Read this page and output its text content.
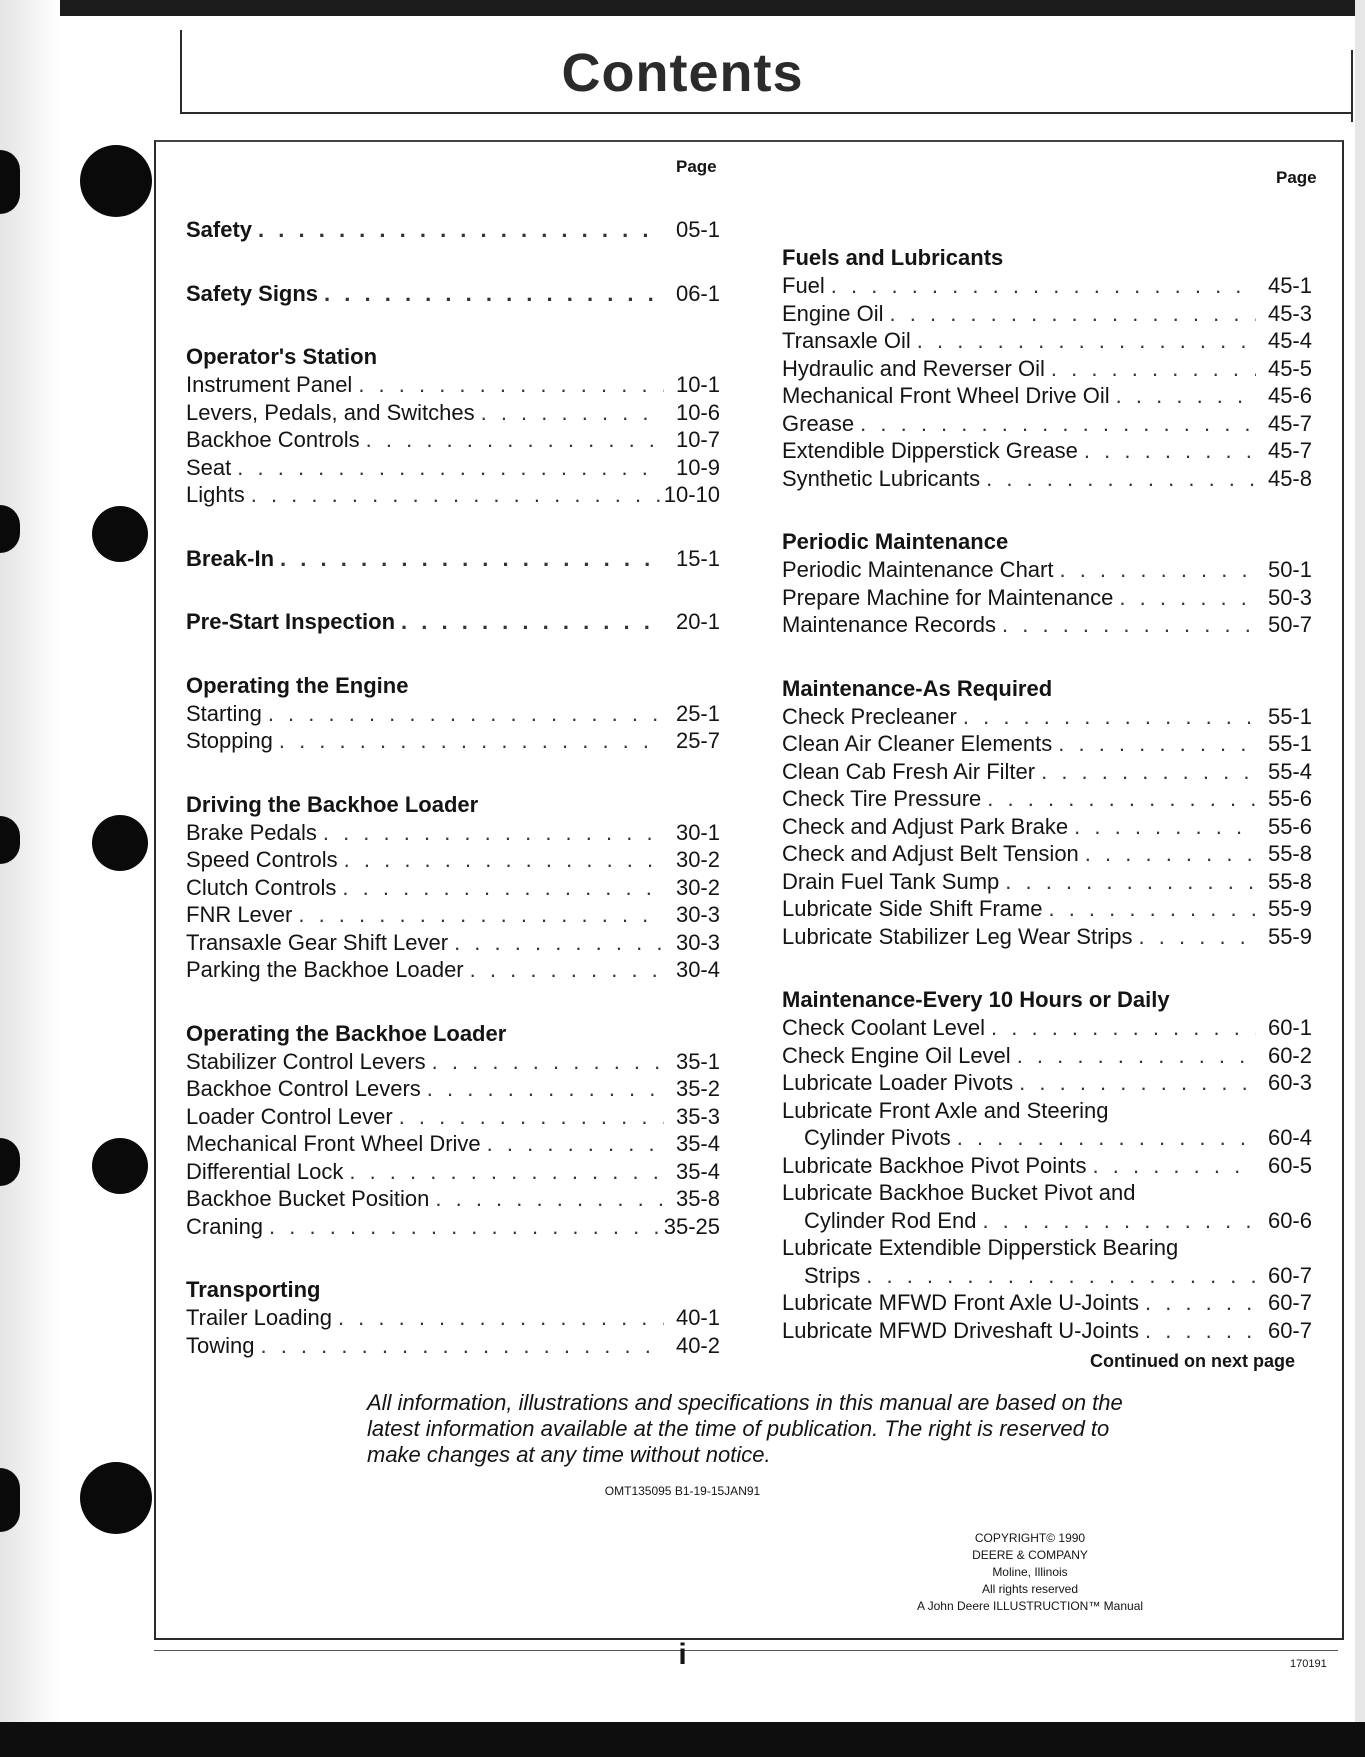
Contents
Page
Page
Safety . . .	05-1
Safety Signs . . .	06-1
Operator's Station
Instrument Panel . . .	10-1
Levers, Pedals, and Switches . . .	10-6
Backhoe Controls . . .	10-7
Seat . . .	10-9
Lights . . .	10-10
Break-In . . .	15-1
Pre-Start Inspection . . .	20-1
Operating the Engine
Starting . . .	25-1
Stopping . . .	25-7
Driving the Backhoe Loader
Brake Pedals . . .	30-1
Speed Controls . . .	30-2
Clutch Controls . . .	30-2
FNR Lever . . .	30-3
Transaxle Gear Shift Lever . . .	30-3
Parking the Backhoe Loader . . .	30-4
Operating the Backhoe Loader
Stabilizer Control Levers . . .	35-1
Backhoe Control Levers . . .	35-2
Loader Control Lever . . .	35-3
Mechanical Front Wheel Drive . . .	35-4
Differential Lock . . .	35-4
Backhoe Bucket Position . . .	35-8
Craning . . .	35-25
Transporting
Trailer Loading . . .	40-1
Towing . . .	40-2
Fuels and Lubricants
Fuel . . .	45-1
Engine Oil . . .	45-3
Transaxle Oil . . .	45-4
Hydraulic and Reverser Oil . . .	45-5
Mechanical Front Wheel Drive Oil . . .	45-6
Grease . . .	45-7
Extendible Dipperstick Grease . . .	45-7
Synthetic Lubricants . . .	45-8
Periodic Maintenance
Periodic Maintenance Chart . . .	50-1
Prepare Machine for Maintenance . . .	50-3
Maintenance Records . . .	50-7
Maintenance-As Required
Check Precleaner . . .	55-1
Clean Air Cleaner Elements . . .	55-1
Clean Cab Fresh Air Filter . . .	55-4
Check Tire Pressure . . .	55-6
Check and Adjust Park Brake . . .	55-6
Check and Adjust Belt Tension . . .	55-8
Drain Fuel Tank Sump . . .	55-8
Lubricate Side Shift Frame . . .	55-9
Lubricate Stabilizer Leg Wear Strips . . .	55-9
Maintenance-Every 10 Hours or Daily
Check Coolant Level . . .	60-1
Check Engine Oil Level . . .	60-2
Lubricate Loader Pivots . . .	60-3
Lubricate Front Axle and Steering
Cylinder Pivots . . .	60-4
Lubricate Backhoe Pivot Points . . .	60-5
Lubricate Backhoe Bucket Pivot and
Cylinder Rod End . . .	60-6
Lubricate Extendible Dipperstick Bearing
Strips . . .	60-7
Lubricate MFWD Front Axle U-Joints . . .	60-7
Lubricate MFWD Driveshaft U-Joints . . .	60-7
Continued on next page
All information, illustrations and specifications in this manual are based on the latest information available at the time of publication. The right is reserved to make changes at any time without notice.
OMT135095 B1-19-15JAN91
COPYRIGHT© 1990
DEERE & COMPANY
Moline, Illinois
All rights reserved
A John Deere ILLUSTRUCTION™ Manual
i	170191
